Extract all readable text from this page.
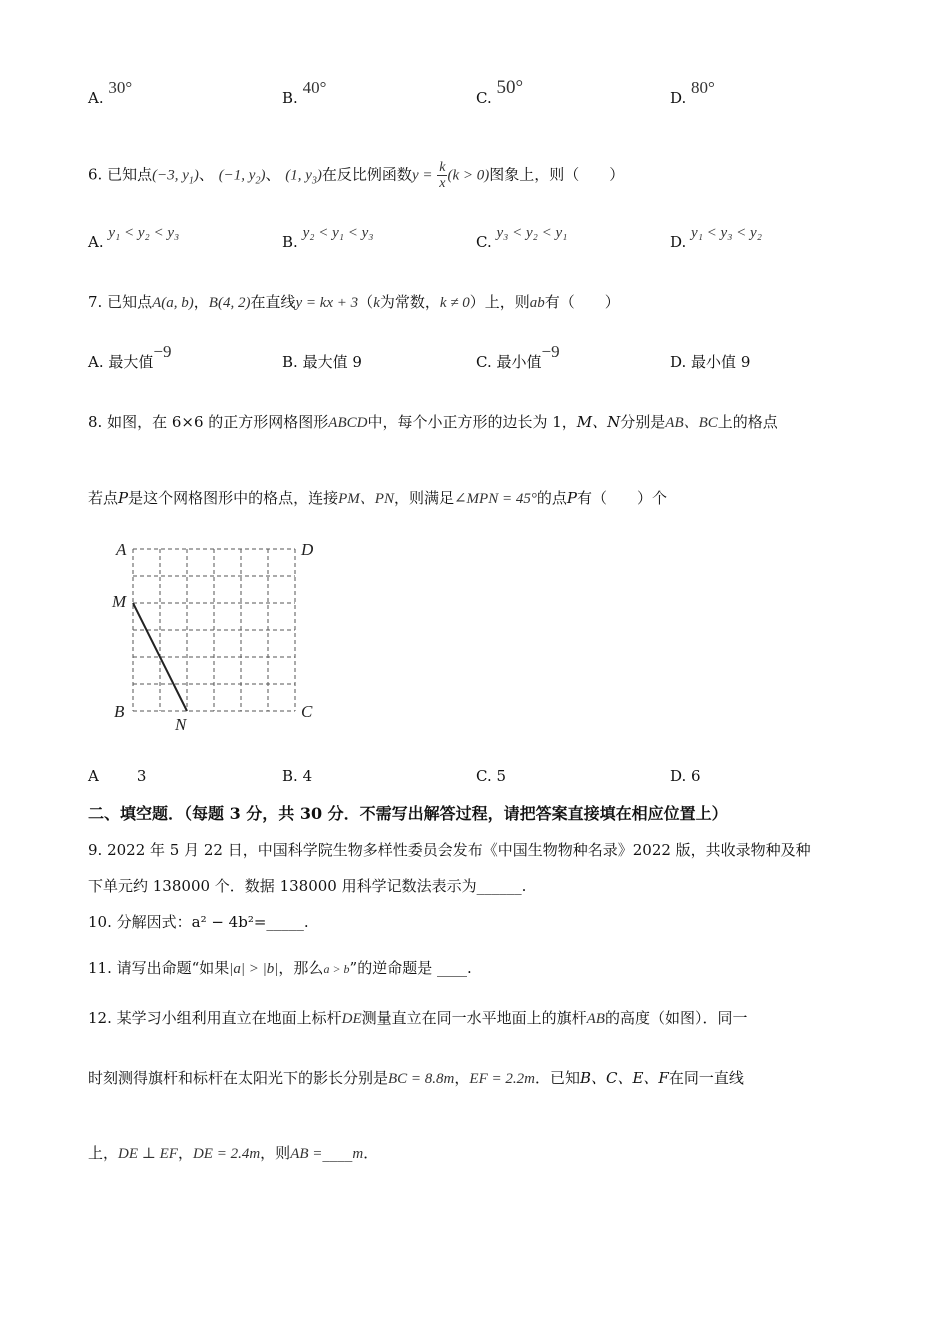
A. 30°
B. 40°
C. 50°	D. 80°
6. 已知点(−3, $y_1$)、 (−1, $y_2$)、 (1, $y_3$)在反比例函数$y = \frac{k}{x} (k > 0)$图象上，则（　　）
A. y₁ < y₂ < y₃	B. y₂ < y₁ < y₃	C. y₃ < y₂ < y₁	D. y₁ < y₃ < y₂
7. 已知点A(a, b)，B(4, 2)在直线y = kx + 3（k为常数，k ≠ 0）上，则ab有（　　）
A. 最大值−9
B. 最大值 9	C. 最小值−9
D. 最小值 9
8. 如图，在 6×6 的正方形网格图形ABCD中，每个小正方形的边长为 1，M、N分别是AB、BC上的格点
若点P是这个网格图形中的格点，连接PM、PN，则满足∠MPN = 45°的点P有（　　）个
A	D
M
B
N
C
A	3	B. 4	C. 5	D. 6
二、填空题．（每题 3 分，共 30 分．不需写出解答过程，请把答案直接填在相应位置上）
9. 2022 年 5 月 22 日，中国科学院生物多样性委员会发布《中国生物物种名录》2022 版，共收录物种及种
下单元约 138000 个．数据 138000 用科学记数法表示为______.
10. 分解因式：a² − 4b²=_____.
11. 请写出命题“如果|a| > |b|，那么a > b”的逆命题是 ____.
12. 某学习小组利用直立在地面上标杆DE测量直立在同一水平地面上的旗杆AB的高度（如图）．同一
时刻测得旗杆和标杆在太阳光下的影长分别是BC = 8.8m，EF = 2.2m．已知B、C、E、F在同一直线
上，DE ⊥ EF，DE = 2.4m，则AB =____m．
